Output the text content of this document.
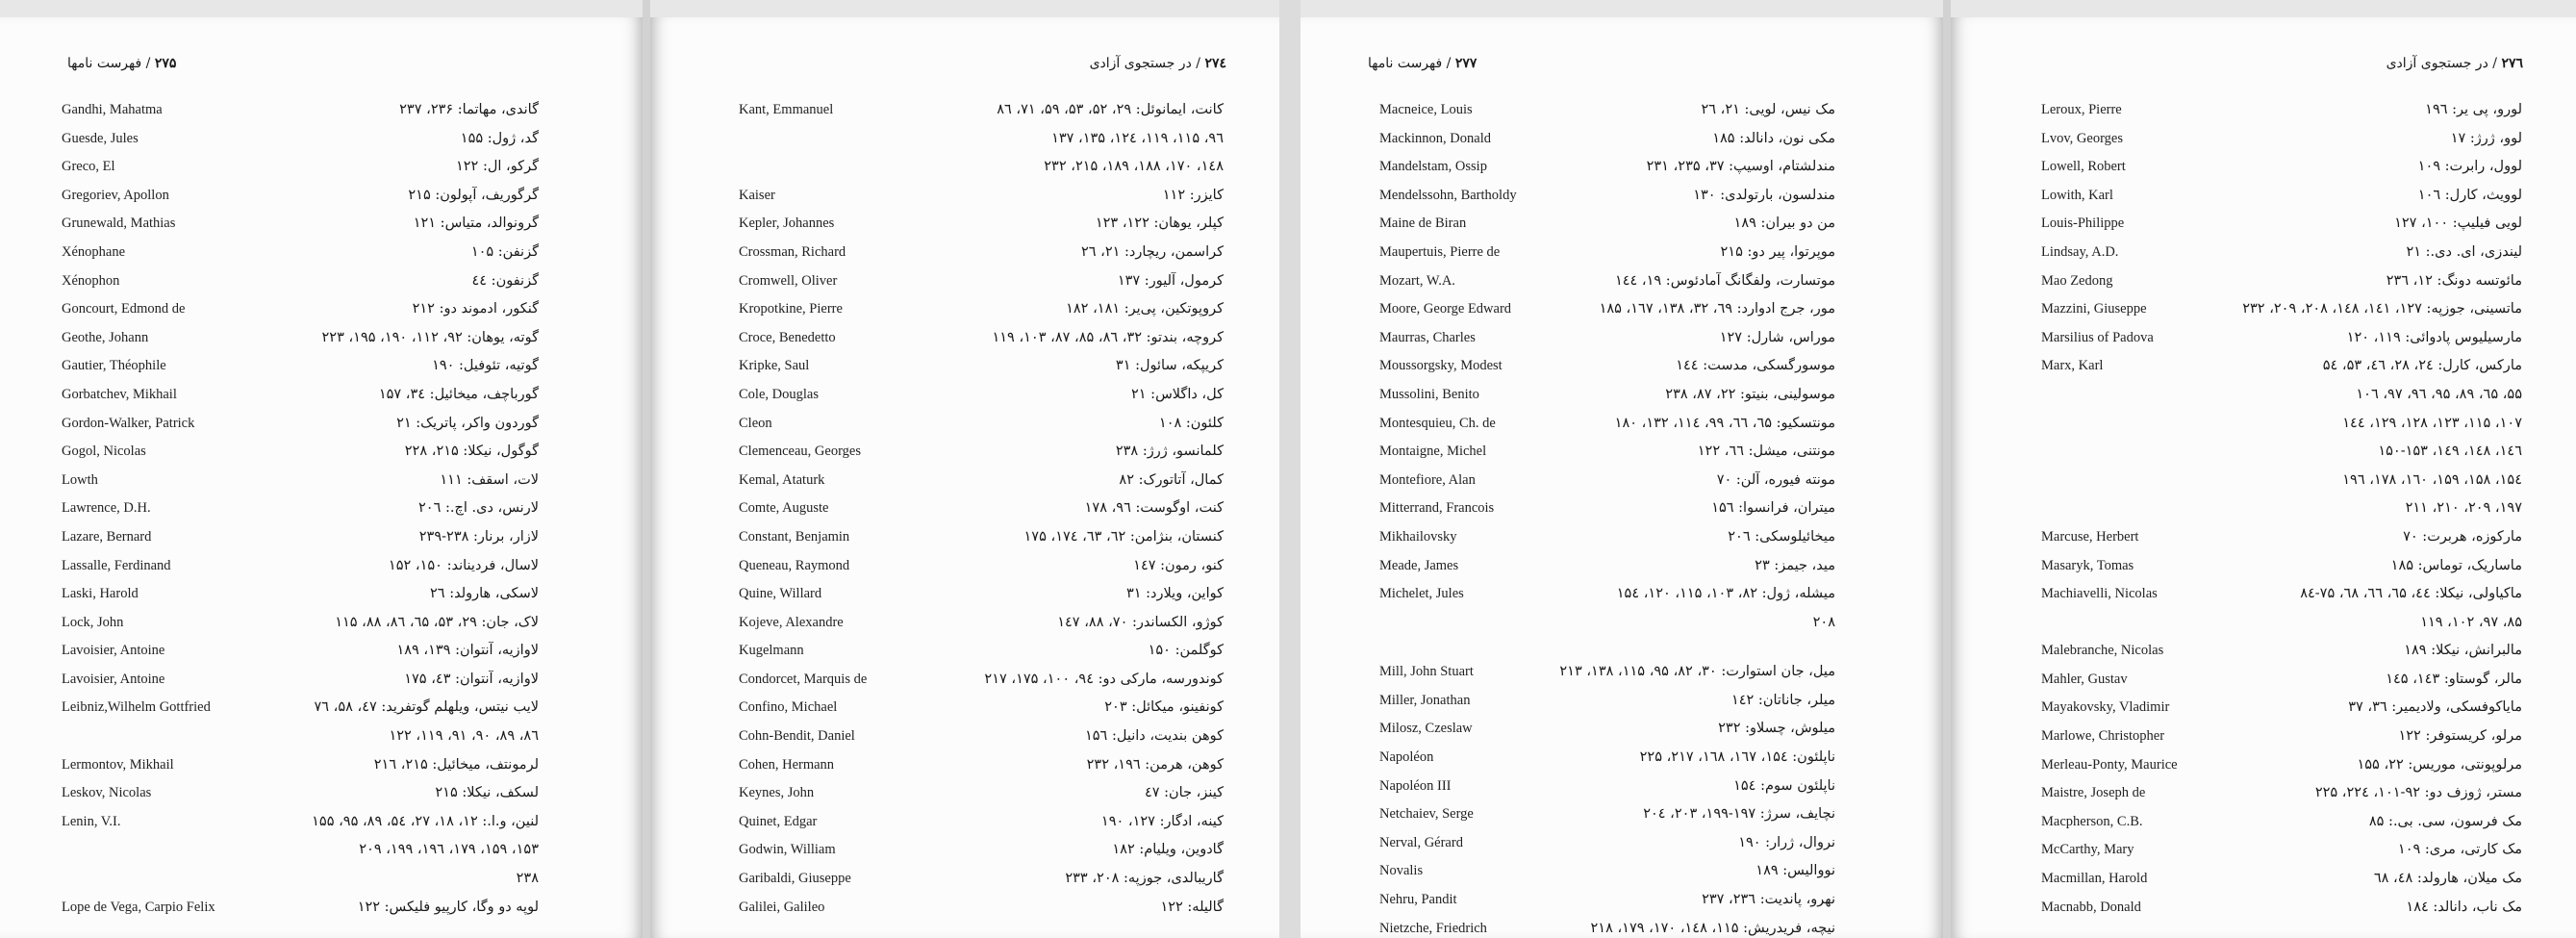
۲۷۵ / فهرست نامها
Gandhi, Mahatma	گاندی، مهاتما: ۲۳۶، ۲۳۷
Guesde, Jules	گد، ژول: ۱۵۵
Greco, El	گرکو، ال: ۱۲۲
Gregoriev, Apollon	گرگوریف، آپولون: ۲۱۵
Grunewald, Mathias	گرونوالد، متیاس: ۱۲۱
Xénophane	گزنفن: ۱۰۵
Xénophon	گزنفون: ٤٤
Goncourt, Edmond de	گنکور، ادموند دو: ۲۱۲
Geothe, Johann	گوته، یوهان: ۹۲، ۱۱۲، ۱۹۰، ۱۹۵، ۲۲۳
Gautier, Théophile	گوتیه، تئوفیل: ۱۹۰
Gorbatchev, Mikhail	گورباچف، میخائیل: ۳٤، ۱۵۷
Gordon-Walker, Patrick	گوردون واکر، پاتریک: ۲۱
Gogol, Nicolas	گوگول، نیکلا: ۲۱۵، ۲۲۸
Lowth	لات، اسقف: ۱۱۱
Lawrence, D.H.	لارنس، دی. اچ.: ۲۰٦
Lazare, Bernard	لازار، برنار: ۲۳۸-۲۳۹
Lassalle, Ferdinand	لاسال، فردیناند: ۱۵۰، ۱۵۲
Laski, Harold	لاسکی، هارولد: ۲٦
Lock, John	لاک، جان: ۲۹، ۵۳، ٦۵، ۸٦، ۸۸، ۱۱۵
Lavoisier, Antoine	لاوازیه، آنتوان: ۱۳۹، ۱۸۹
Lavoisier, Antoine	لاوازیه، آنتوان: ٤۳، ۱۷۵
Leibniz,Wilhelm Gottfried	لایب نیتس، ویلهلم گوتفرید: ٤۷، ۵۸، ۷٦
۸٦، ۸۹، ۹۰، ۹۱، ۱۱۹، ۱۲۲
Lermontov, Mikhail	لرمونتف، میخائیل: ۲۱۵، ۲۱٦
Leskov, Nicolas	لسکف، نیکلا: ۲۱۵
Lenin, V.I.	لنین، و.ا.: ۱۲، ۱۸، ۲۷، ۵٤، ۸۹، ۹۵، ۱۵۵
۱۵۳، ۱۵۹، ۱۷۹، ۱۹٦، ۱۹۹، ۲۰۹
۲۳۸
Lope de Vega, Carpio Felix	لوپه دو وگا، کارپیو فلیکس: ۱۲۲
۲۷٤ / در جستجوی آزادی
Kant, Emmanuel	کانت، ایمانوئل: ۲۹، ۵۲، ۵۳، ۵۹، ۷۱، ۸٦
۹٦، ۱۱۵، ۱۱۹، ۱۲٤، ۱۳۵، ۱۳۷
۱٤۸، ۱۷۰، ۱۸۸، ۱۸۹، ۲۱۵، ۲۳۲
Kaiser	کایزر: ۱۱۲
Kepler, Johannes	کپلر، یوهان: ۱۲۲، ۱۲۳
Crossman, Richard	کراسمن، ریچارد: ۲۱، ۲٦
Cromwell, Oliver	کرمول، آلیور: ۱۳۷
Kropotkine, Pierre	کروپوتکین، پی‌یر: ۱۸۱، ۱۸۲
Croce, Benedetto	کروچه، بندتو: ۳۲، ۸٦، ۸۵، ۸۷، ۱۰۳، ۱۱۹
Kripke, Saul	کریپکه، سائول: ۳۱
Cole, Douglas	کل، داگلاس: ۲۱
Cleon	کلئون: ۱۰۸
Clemenceau, Georges	کلمانسو، ژرژ: ۲۳۸
Kemal, Ataturk	کمال، آتاتورک: ۸۲
Comte, Auguste	کنت، اوگوست: ۹٦، ۱۷۸
Constant, Benjamin	کنستان، بنژامن: ٦۲، ٦۳، ۱۷٤، ۱۷۵
Queneau, Raymond	کنو، رمون: ۱٤۷
Quine, Willard	کواین، ویلارد: ۳۱
Kojeve, Alexandre	کوژو، الکساندر: ۷۰، ۸۸، ۱٤۷
Kugelmann	کوگلمن: ۱۵۰
Condorcet, Marquis de	کوندورسه، مارکی دو: ۹٤، ۱۰۰، ۱۷۵، ۲۱۷
Confino, Michael	کونفینو، میکائل: ۲۰۳
Cohn-Bendit, Daniel	کوهن بندیت، دانیل: ۱۵٦
Cohen, Hermann	کوهن، هرمن: ۱۹٦، ۲۳۲
Keynes, John	کینز، جان: ٤۷
Quinet, Edgar	کینه، ادگار: ۱۲۷، ۱۹۰
Godwin, William	گادوین، ویلیام: ۱۸۲
Garibaldi, Giuseppe	گاریبالدی، جوزپه: ۲۰۸، ۲۳۳
Galilei, Galileo	گالیله: ۱۲۲
۲۷۷ / فهرست نامها
Macneice, Louis	مک نیس، لویی: ۲۱، ۲٦
Mackinnon, Donald	مکی نون، دانالد: ۱۸۵
Mandelstam, Ossip	مندلشتام، اوسیپ: ۳۷، ۲۳۵، ۲۳۱
Mendelssohn, Bartholdy	مندلسون، بارتولدی: ۱۳۰
Maine de Biran	من دو بیران: ۱۸۹
Maupertuis, Pierre de	موپرتوا، پیر دو: ۲۱۵
Mozart, W.A.	موتسارت، ولفگانگ آمادئوس: ۱۹، ۱٤٤
Moore, George Edward	مور، جرج ادوارد: ٦۹، ۳۲، ۱۳۸، ۱٦۷، ۱۸۵
Maurras, Charles	موراس، شارل: ۱۲۷
Moussorgsky, Modest	موسورگسکی، مدست: ۱٤٤
Mussolini, Benito	موسولینی، بنیتو: ۲۲، ۸۷، ۲۳۸
Montesquieu, Ch. de	مونتسکیو: ٦۵، ٦٦، ۹۹، ۱۱٤، ۱۳۲، ۱۸۰
Montaigne, Michel	مونتنی، میشل: ٦٦، ۱۲۲
Montefiore, Alan	مونته فیوره، آلن: ۷۰
Mitterrand, Francois	میتران، فرانسوا: ۱۵٦
Mikhailovsky	میخائیلوسکی: ۲۰٦
Meade, James	مید، جیمز: ۲۳
Michelet, Jules	میشله، ژول: ۸۲، ۱۰۳، ۱۱۵، ۱۲۰، ۱۵٤
۲۰۸
Mill, John Stuart	میل، جان استوارت: ۳۰، ۸۲، ۹۵، ۱۱۵، ۱۳۸، ۲۱۳
Miller, Jonathan	میلر، جاناتان: ۱٤۲
Milosz, Czeslaw	میلوش، چسلاو: ۲۳۲
Napoléon	ناپلئون: ۱۵٤، ۱٦۷، ۱٦۸، ۲۱۷، ۲۲۵
Napoléon III	ناپلئون سوم: ۱۵٤
Netchaiev, Serge	نچایف، سرژ: ۱۹۷-۱۹۹، ۲۰۳، ۲۰٤
Nerval, Gérard	نروال، ژرار: ۱۹۰
Novalis	نووالیس: ۱۸۹
Nehru, Pandit	نهرو، پاندیت: ۲۳٦، ۲۳۷
Nietzche, Friedrich	نیچه، فریدریش: ۱۱۵، ۱٤۸، ۱۷۰، ۱۷۹، ۲۱۸
۲۷٦ / در جستجوی آزادی
Leroux, Pierre	لورو، پی یر: ۱۹٦
Lvov, Georges	لوو، ژرژ: ۱۷
Lowell, Robert	لوول، رابرت: ۱۰۹
Lowith, Karl	لوویث، کارل: ۱۰٦
Louis-Philippe	لویی فیلیپ: ۱۰۰، ۱۲۷
Lindsay, A.D.	لیندزی، ای. دی.: ۲۱
Mao Zedong	مائوتسه دونگ: ۱۲، ۲۳٦
Mazzini, Giuseppe	ماتسینی، جوزپه: ۱۲۷، ۱٤۱، ۱٤۸، ۲۰۸، ۲۰۹، ۲۳۲
Marsilius of Padova	مارسیلیوس پادوائی: ۱۱۹، ۱۲۰
Marx, Karl	مارکس، کارل: ۲٤، ۲۸، ٤٦، ۵۳، ۵٤
۵۵، ٦۵، ۸۹، ۹۵، ۹٦، ۹۷، ۱۰٦
۱۰۷، ۱۱۵، ۱۲۳، ۱۲۸، ۱۲۹، ۱٤٤
۱٤٦، ۱٤۸، ۱٤۹، ۱۵۰-۱۵۳
۱۵٤، ۱۵۸، ۱۵۹، ۱٦۰، ۱۷۸، ۱۹٦
۱۹۷، ۲۰۹، ۲۱۰، ۲۱۱
Marcuse, Herbert	مارکوزه، هربرت: ۷۰
Masaryk, Tomas	ماساریک، توماس: ۱۸۵
Machiavelli, Nicolas	ماکیاولی، نیکلا: ٤٤، ٦۵، ٦٦، ٦۸، ۷۵-۸٤
۸۵، ۹۷، ۱۰۲، ۱۱۹
Malebranche, Nicolas	مالبرانش، نیکلا: ۱۸۹
Mahler, Gustav	مالر، گوستاو: ۱٤۳، ۱٤۵
Mayakovsky, Vladimir	مایاکوفسکی، ولادیمیر: ۳٦، ۳۷
Marlowe, Christopher	مرلو، کریستوفر: ۱۲۲
Merleau-Ponty, Maurice	مرلوپونتی، موریس: ۲۲، ۱۵۵
Maistre, Joseph de	مستر، ژوزف دو: ۹۲-۱۰۱، ۲۲٤، ۲۲۵
Macpherson, C.B.	مک فرسون، سی. بی.: ۸۵
McCarthy, Mary	مک کارتی، مری: ۱۰۹
Macmillan, Harold	مک میلان، هارولد: ٤۸، ٦۸
Macnabb, Donald	مک ناب، دانالد: ۱۸٤
